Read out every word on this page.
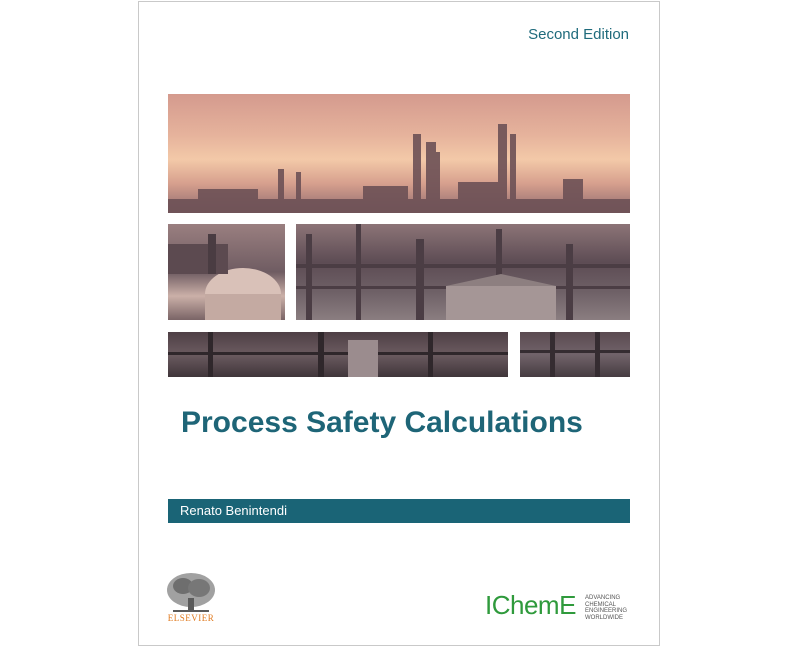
Second Edition
Process Safety Calculations
Renato Benintendi
ELSEVIER	IChemE ADVANCING
CHEMICAL
ENGINEERING
WORLDWIDE
